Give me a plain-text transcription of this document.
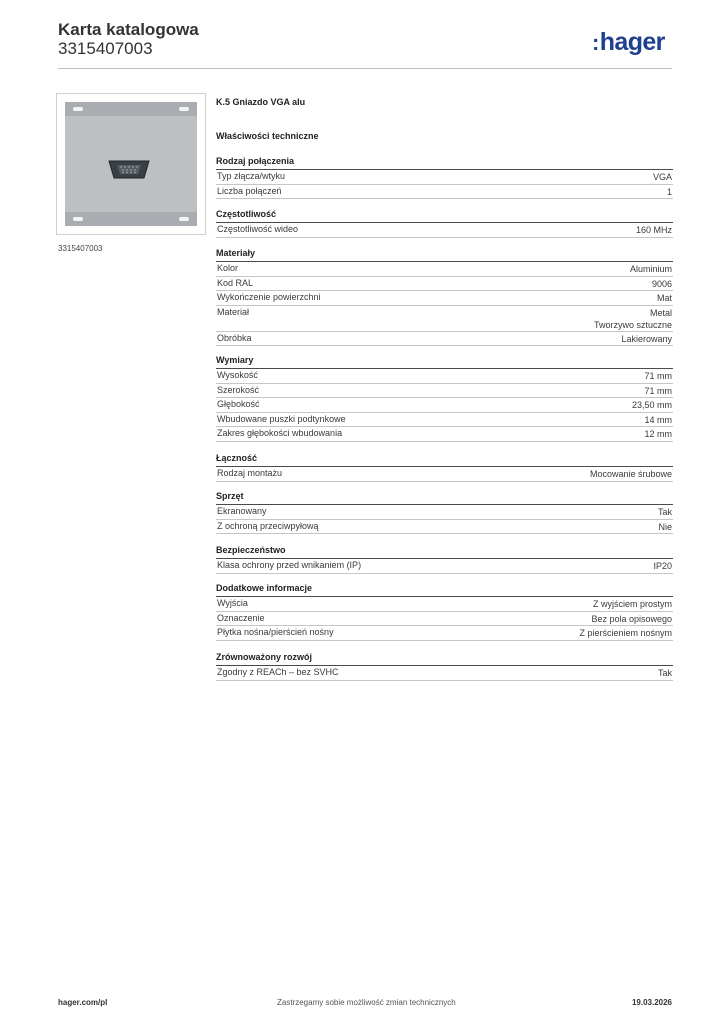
Karta katalogowa
3315407003	:hager
3315407003
K.5 Gniazdo VGA alu
Właściwości techniczne
Rodzaj połączenia
Typ złącza/wtyku	VGA
Liczba połączeń	1
Częstotliwość
Częstotliwość wideo	160 MHz
Materiały
Kolor	Aluminium
Kod RAL	9006
Wykończenie powierzchni	Mat
Materiał	Metal
Tworzywo sztuczne
Obróbka	Lakierowany
Wymiary
Wysokość	71 mm
Szerokość	71 mm
Głębokość	23,50 mm
Wbudowane puszki podtynkowe	14 mm
Zakres głębokości wbudowania	12 mm
Łączność
Rodzaj montażu	Mocowanie śrubowe
Sprzęt
Ekranowany	Tak
Z ochroną przeciwpyłową	Nie
Bezpieczeństwo
Klasa ochrony przed wnikaniem (IP)	IP20
Dodatkowe informacje
Wyjścia	Z wyjściem prostym
Oznaczenie	Bez pola opisowego
Płytka nośna/pierścień nośny	Z pierścieniem nośnym
Zrównoważony rozwój
Zgodny z REACh – bez SVHC	Tak
hager.com/pl	Zastrzegamy sobie możliwość zmian technicznych	19.03.2026
